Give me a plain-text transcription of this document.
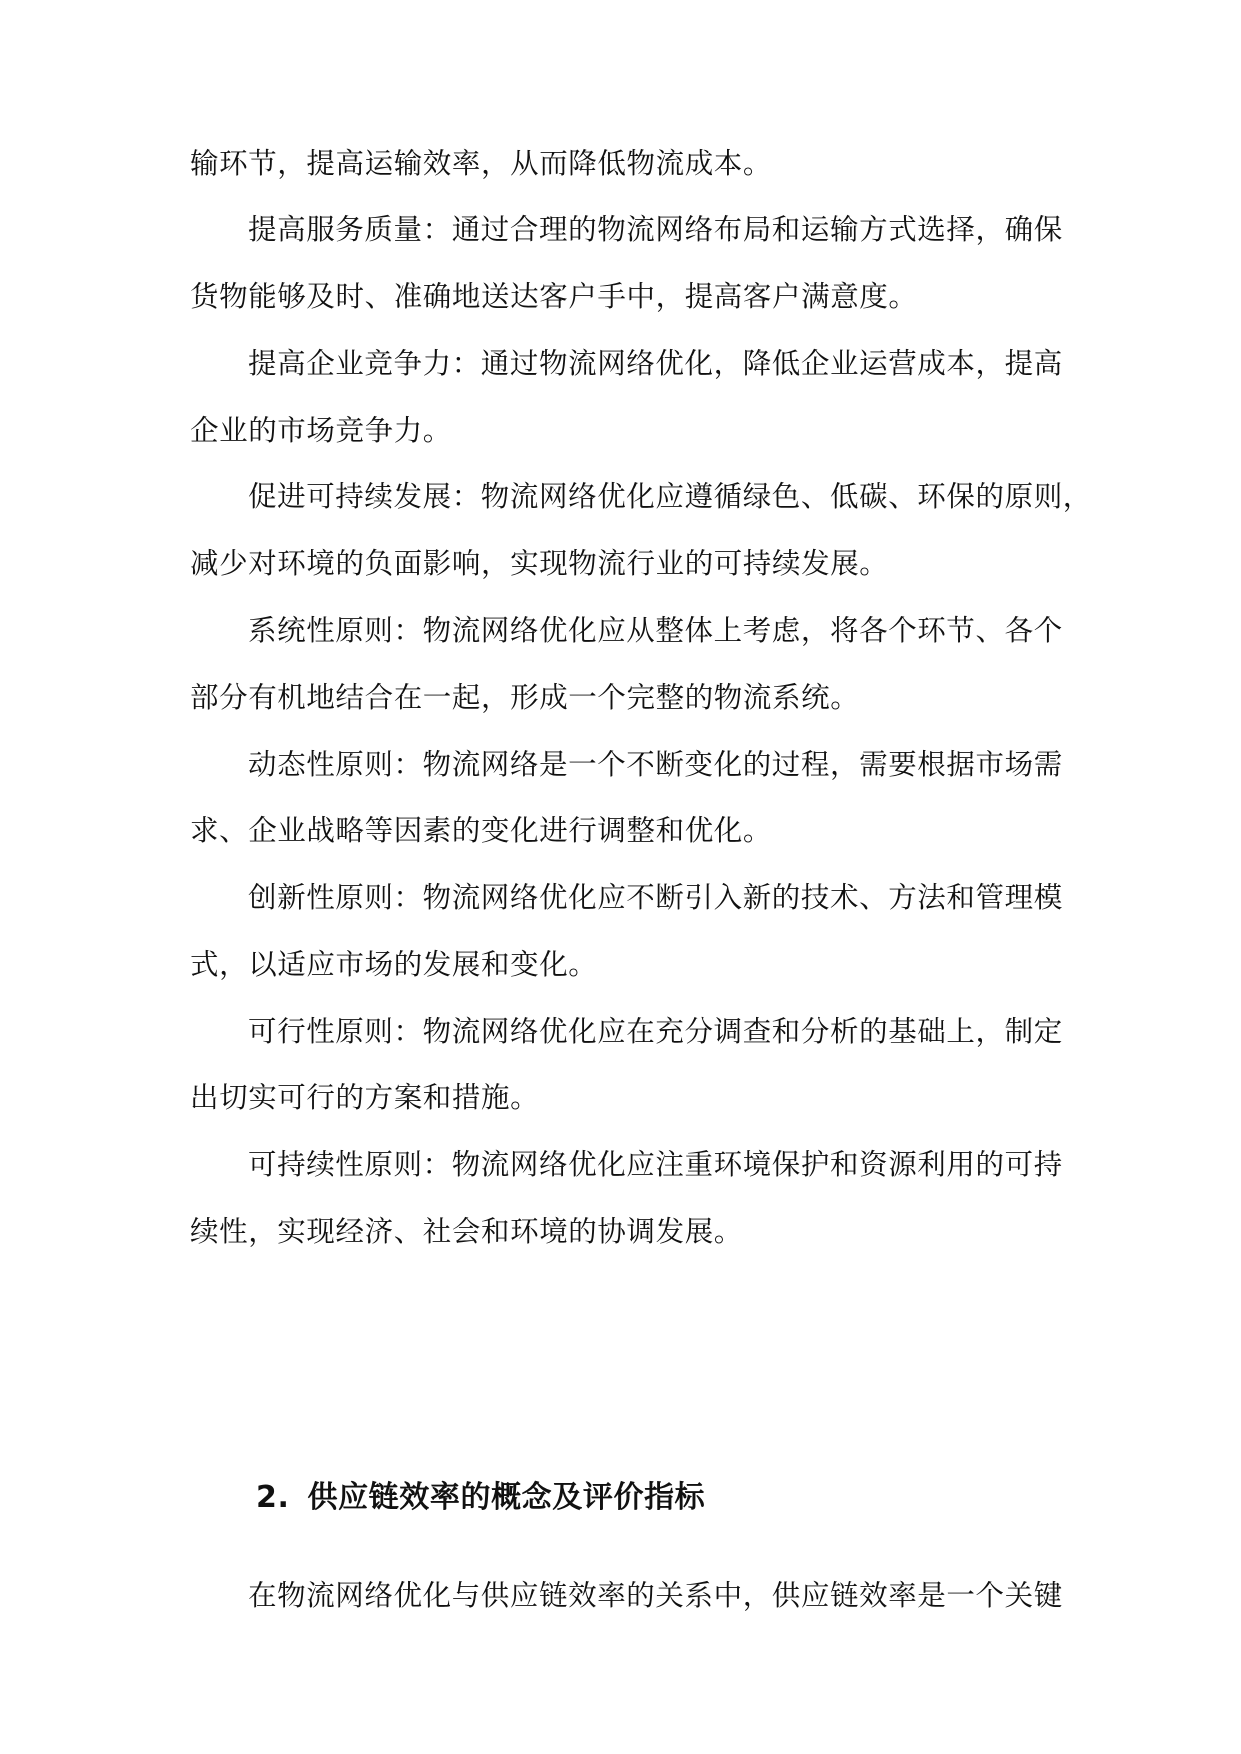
输环节，提高运输效率，从而降低物流成本。
提高服务质量：通过合理的物流网络布局和运输方式选择，确保
货物能够及时、准确地送达客户手中，提高客户满意度。
提高企业竞争力：通过物流网络优化，降低企业运营成本，提高
企业的市场竞争力。
促进可持续发展：物流网络优化应遵循绿色、低碳、环保的原则，
减少对环境的负面影响，实现物流行业的可持续发展。
系统性原则：物流网络优化应从整体上考虑，将各个环节、各个
部分有机地结合在一起，形成一个完整的物流系统。
动态性原则：物流网络是一个不断变化的过程，需要根据市场需
求、企业战略等因素的变化进行调整和优化。
创新性原则：物流网络优化应不断引入新的技术、方法和管理模
式，以适应市场的发展和变化。
可行性原则：物流网络优化应在充分调查和分析的基础上，制定
出切实可行的方案和措施。
可持续性原则：物流网络优化应注重环境保护和资源利用的可持
续性，实现经济、社会和环境的协调发展。
2. 供应链效率的概念及评价指标
在物流网络优化与供应链效率的关系中，供应链效率是一个关键
